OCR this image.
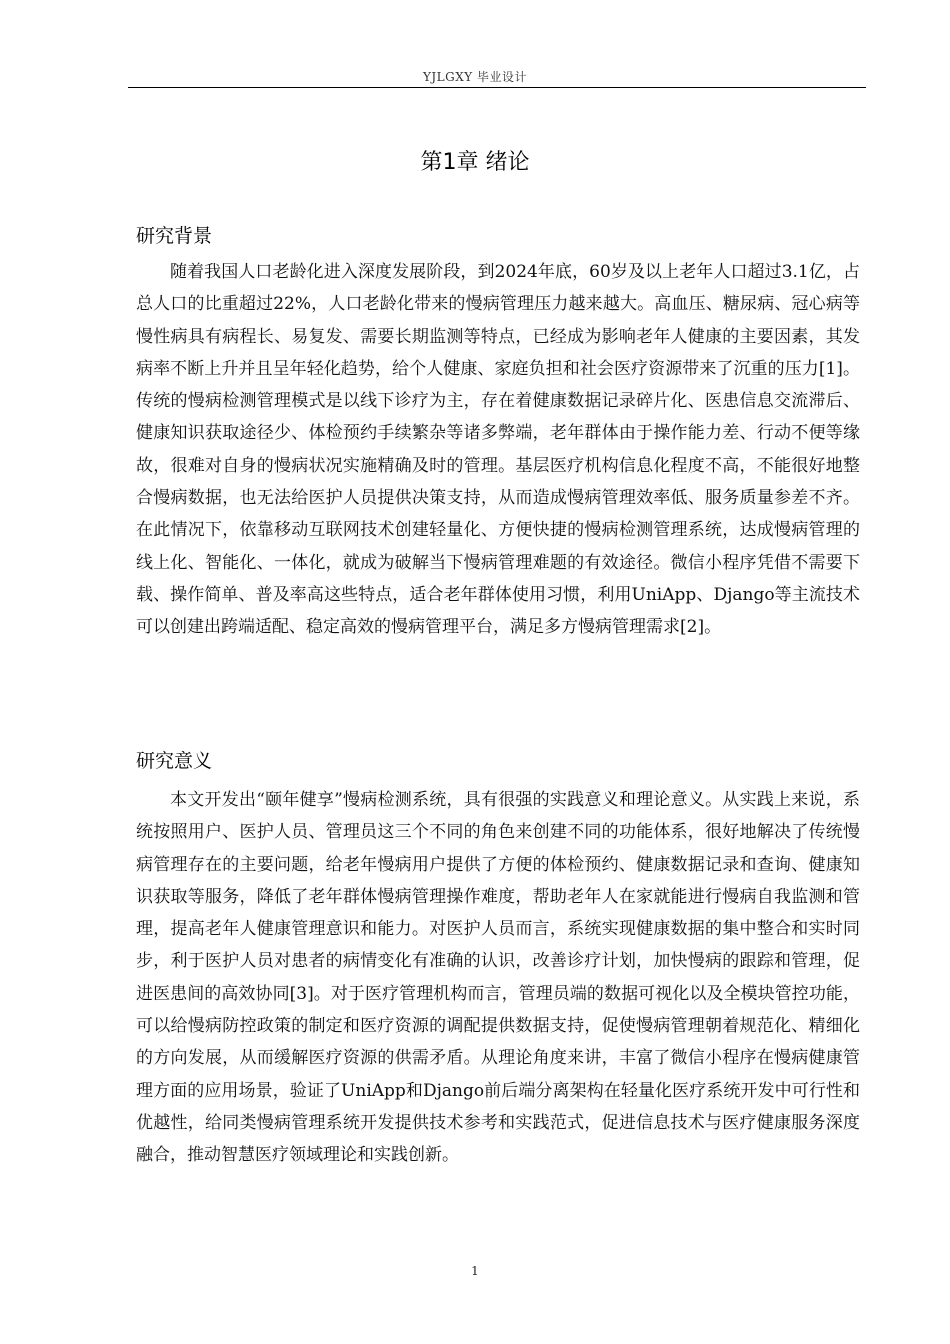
YJLGXY 毕业设计
第1章 绪论
研究背景

随着我国人口老龄化进入深度发展阶段，到2024年底，60岁及以上老年人口超过3.1亿，占总人口的比重超过22%，人口老龄化带来的慢病管理压力越来越大。高血压、糖尿病、冠心病等慢性病具有病程长、易复发、需要长期监测等特点，已经成为影响老年人健康的主要因素，其发病率不断上升并且呈年轻化趋势，给个人健康、家庭负担和社会医疗资源带来了沉重的压力[1]。传统的慢病检测管理模式是以线下诊疗为主，存在着健康数据记录碎片化、医患信息交流滞后、健康知识获取途径少、体检预约手续繁杂等诸多弊端，老年群体由于操作能力差、行动不便等缘故，很难对自身的慢病状况实施精确及时的管理。基层医疗机构信息化程度不高，不能很好地整合慢病数据，也无法给医护人员提供决策支持，从而造成慢病管理效率低、服务质量参差不齐。在此情况下，依靠移动互联网技术创建轻量化、方便快捷的慢病检测管理系统，达成慢病管理的线上化、智能化、一体化，就成为破解当下慢病管理难题的有效途径。微信小程序凭借不需要下载、操作简单、普及率高这些特点，适合老年群体使用习惯，利用UniApp、Django等主流技术可以创建出跨端适配、稳定高效的慢病管理平台，满足多方慢病管理需求[2]。

研究意义

本文开发出“颐年健享”慢病检测系统，具有很强的实践意义和理论意义。从实践上来说，系统按照用户、医护人员、管理员这三个不同的角色来创建不同的功能体系，很好地解决了传统慢病管理存在的主要问题，给老年慢病用户提供了方便的体检预约、健康数据记录和查询、健康知识获取等服务，降低了老年群体慢病管理操作难度，帮助老年人在家就能进行慢病自我监测和管理，提高老年人健康管理意识和能力。对医护人员而言，系统实现健康数据的集中整合和实时同步，利于医护人员对患者的病情变化有准确的认识，改善诊疗计划，加快慢病的跟踪和管理，促进医患间的高效协同[3]。对于医疗管理机构而言，管理员端的数据可视化以及全模块管控功能，可以给慢病防控政策的制定和医疗资源的调配提供数据支持，促使慢病管理朝着规范化、精细化的方向发展，从而缓解医疗资源的供需矛盾。从理论角度来讲，丰富了微信小程序在慢病健康管理方面的应用场景，验证了UniApp和Django前后端分离架构在轻量化医疗系统开发中可行性和优越性，给同类慢病管理系统开发提供技术参考和实践范式，促进信息技术与医疗健康服务深度融合，推动智慧医疗领域理论和实践创新。

1
